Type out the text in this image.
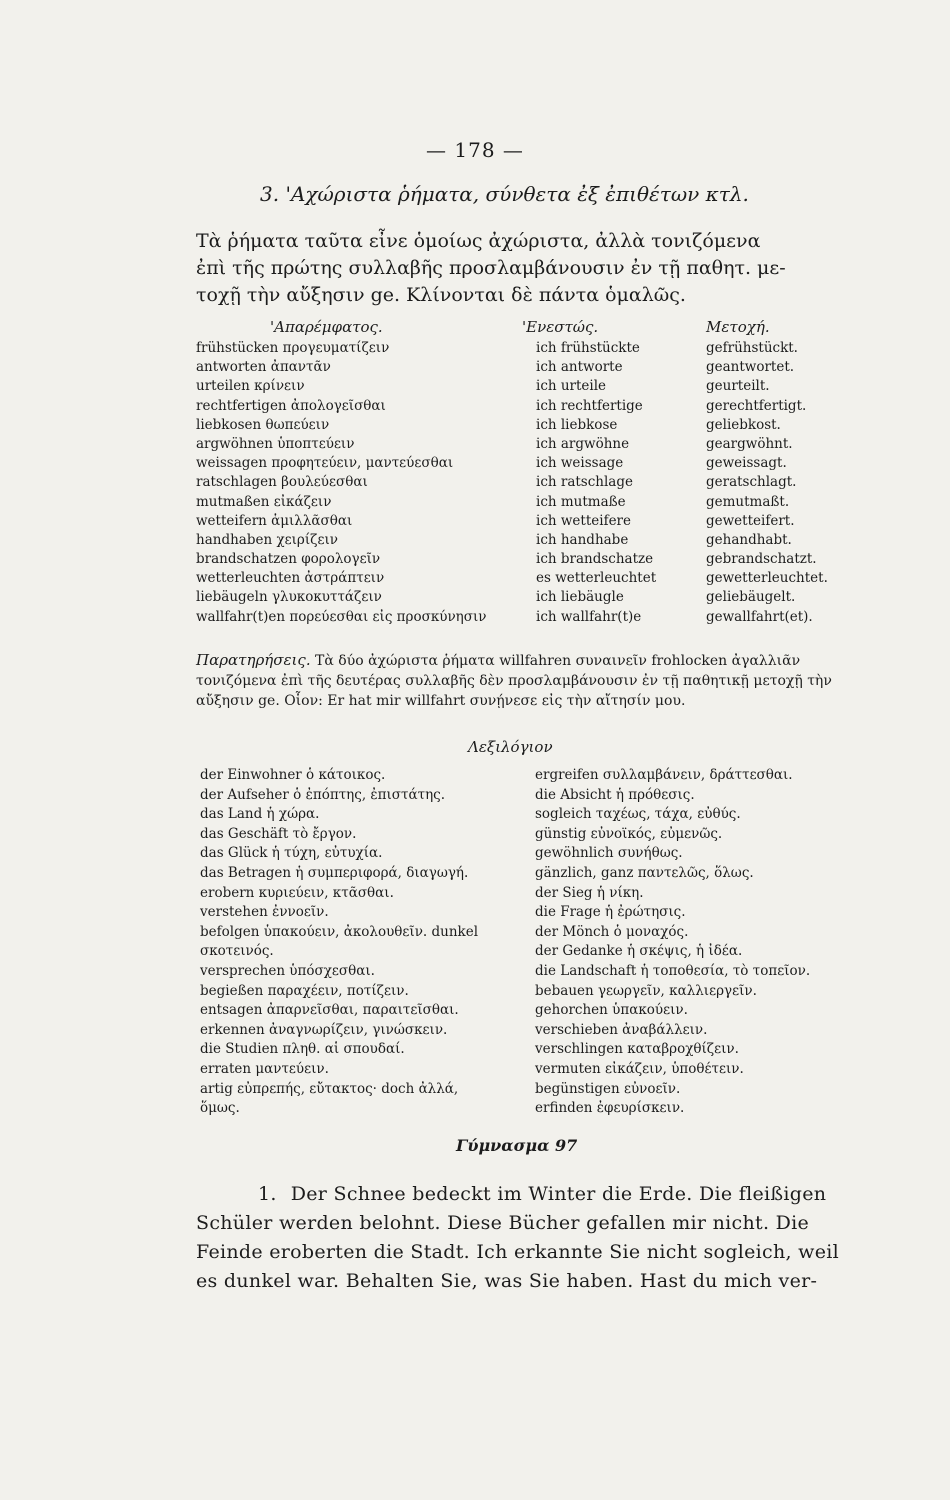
— 178 —
3. 'Αχώριστα ῥήματα, σύνθετα ἐξ ἐπιθέτων κτλ.
Τὰ ῥήματα ταῦτα εἶνε ὁμοίως ἀχώριστα, ἀλλὰ τονιζόμενα
ἐπὶ τῆς πρώτης συλλαβῆς προσλαμβάνουσιν ἐν τῇ παθητ. με-
τοχῇ τὴν αὔξησιν ge. Κλίνονται δὲ πάντα ὁμαλῶς.
'Απαρέμφατος.	'Ενεστώς.	Μετοχή.
frühstücken προγευματίζειν	ich frühstückte	gefrühstückt.
antworten ἀπαντᾶν	ich antworte	geantwortet.
urteilen κρίνειν	ich urteile	geurteilt.
rechtfertigen ἀπολογεῖσθαι	ich rechtfertige	gerechtfertigt.
liebkosen θωπεύειν	ich liebkose	geliebkost.
argwöhnen ὑποπτεύειν	ich argwöhne	geargwöhnt.
weissagen προφητεύειν, μαντεύεσθαι	ich weissage	geweissagt.
ratschlagen βουλεύεσθαι	ich ratschlage	geratschlagt.
mutmaßen εἰκάζειν	ich mutmaße	gemutmaßt.
wetteifern ἁμιλλᾶσθαι	ich wetteifere	gewetteifert.
handhaben χειρίζειν	ich handhabe	gehandhabt.
brandschatzen φορολογεῖν	ich brandschatze	gebrandschatzt.
wetterleuchten ἀστράπτειν	es wetterleuchtet	gewetterleuchtet.
liebäugeln γλυκοκυττάζειν	ich liebäugle	geliebäugelt.
wallfahr(t)en πορεύεσθαι εἰς προσκύνησιν	ich wallfahr(t)e	gewallfahrt(et).
Παρατηρήσεις. Τὰ δύο ἀχώριστα ῥήματα willfahren συναινεῖν frohlocken ἀγαλλιᾶν τονιζόμενα ἐπὶ τῆς δευτέρας συλλαβῆς δὲν προσλαμβάνουσιν ἐν τῇ παθητικῇ μετοχῇ τὴν αὔξησιν ge. Οἷον: Er hat mir willfahrt συνῄνεσε εἰς τὴν αἴτησίν μου.
Λεξιλόγιον
der Einwohner ὁ κάτοικος.
der Aufseher ὁ ἐπόπτης, ἐπιστάτης.
das Land ἡ χώρα.
das Geschäft τὸ ἔργον.
das Glück ἡ τύχη, εὐτυχία.
das Betragen ἡ συμπεριφορά, διαγωγή.
erobern κυριεύειν, κτᾶσθαι.
verstehen ἐννοεῖν.
befolgen ὑπακούειν, ἀκολουθεῖν. dunkel
σκοτεινός.
versprechen ὑπόσχεσθαι.
begießen παραχέειν, ποτίζειν.
entsagen ἀπαρνεῖσθαι, παραιτεῖσθαι.
erkennen ἀναγνωρίζειν, γινώσκειν.
die Studien πληθ. αἱ σπουδαί.
erraten μαντεύειν.
artig εὐπρεπής, εὔτακτος· doch ἀλλά,
ὅμως.
ergreifen συλλαμβάνειν, δράττεσθαι.
die Absicht ἡ πρόθεσις.
sogleich ταχέως, τάχα, εὐθύς.
günstig εὐνοϊκός, εὐμενῶς.
gewöhnlich συνήθως.
gänzlich, ganz παντελῶς, ὅλως.
der Sieg ἡ νίκη.
die Frage ἡ ἐρώτησις.
der Mönch ὁ μοναχός.
der Gedanke ἡ σκέψις, ἡ ἰδέα.
die Landschaft ἡ τοποθεσία, τὸ τοπεῖον.
bebauen γεωργεῖν, καλλιεργεῖν.
gehorchen ὑπακούειν.
verschieben ἀναβάλλειν.
verschlingen καταβροχθίζειν.
vermuten εἰκάζειν, ὑποθέτειν.
begünstigen εὐνοεῖν.
erfinden ἐφευρίσκειν.
Γύμνασμα 97
1. Der Schnee bedeckt im Winter die Erde. Die fleißigen Schüler werden belohnt. Diese Bücher gefallen mir nicht. Die Feinde eroberten die Stadt. Ich erkannte Sie nicht sogleich, weil es dunkel war. Behalten Sie, was Sie haben. Hast du mich ver-
